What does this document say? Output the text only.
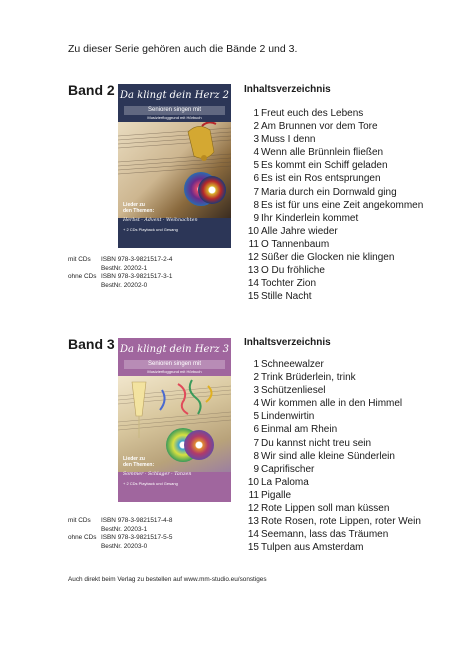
Zu dieser Serie gehören auch die Bände 2 und 3.
Band 2 Da klingt dein Herz 2
Senioren singen mit
Musizierfloggrund mit Hörbuch
Lieder zu
den Themen:
Herbst · Advent · Weihnachten
+ 2 CDs Playback und Gesang
mit CDs ISBN 978-3-9821517-2-4
BestNr. 20202-1
ohne CDs ISBN 978-3-9821517-3-1
BestNr. 20202-0
Inhaltsverzeichnis
1 Freut euch des Lebens
2 Am Brunnen vor dem Tore
3 Muss I denn
4 Wenn alle Brünnlein fließen
5 Es kommt ein Schiff geladen
6 Es ist ein Ros entsprungen
7 Maria durch ein Dornwald ging
8 Es ist für uns eine Zeit angekommen
9 Ihr Kinderlein kommet
10 Alle Jahre wieder
11 O Tannenbaum
12 Süßer die Glocken nie klingen
13 O Du fröhliche
14 Tochter Zion
15 Stille Nacht
Band 3 Da klingt dein Herz 3
Senioren singen mit
Musizierfloggrund mit Hörbuch
Lieder zu
den Themen:
Sommer · Schlager · Tanzen
+ 2 CDs Playback und Gesang
mit CDs ISBN 978-3-9821517-4-8
BestNr. 20203-1
ohne CDs ISBN 978-3-9821517-5-5
BestNr. 20203-0
Inhaltsverzeichnis
1 Schneewalzer
2 Trink Brüderlein, trink
3 Schützenliesel
4 Wir kommen alle in den Himmel
5 Lindenwirtin
6 Einmal am Rhein
7 Du kannst nicht treu sein
8 Wir sind alle kleine Sünderlein
9 Caprifischer
10 La Paloma
11 Pigalle
12 Rote Lippen soll man küssen
13 Rote Rosen, rote Lippen, roter Wein
14 Seemann, lass das Träumen
15 Tulpen aus Amsterdam
Auch direkt beim Verlag zu bestellen auf www.mm-studio.eu/sonstiges
